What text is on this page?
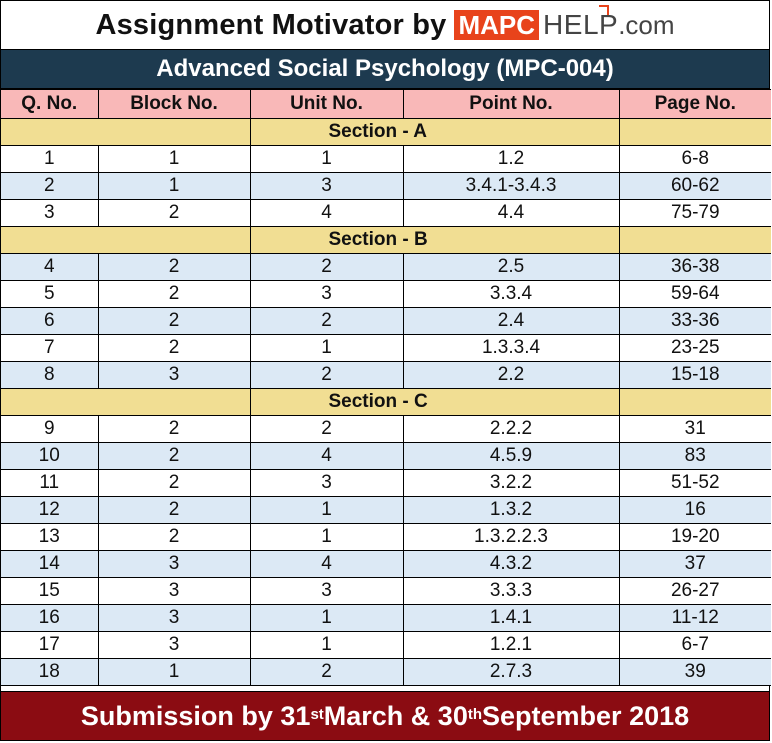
Assignment Motivator by MAPC HELP .com
Advanced Social Psychology (MPC-004)
Q. No.	Block No.	Unit No.	Point No.	Page No.
		Section - A		
1	1	1	1.2	6-8
2	1	3	3.4.1-3.4.3	60-62
3	2	4	4.4	75-79
		Section - B		
4	2	2	2.5	36-38
5	2	3	3.3.4	59-64
6	2	2	2.4	33-36
7	2	1	1.3.3.4	23-25
8	3	2	2.2	15-18
		Section - C		
9	2	2	2.2.2	31
10	2	4	4.5.9	83
11	2	3	3.2.2	51-52
12	2	1	1.3.2	16
13	2	1	1.3.2.2.3	19-20
14	3	4	4.3.2	37
15	3	3	3.3.3	26-27
16	3	1	1.4.1	11-12
17	3	1	1.2.1	6-7
18	1	2	2.7.3	39
Submission by 31st March & 30th September 2018
